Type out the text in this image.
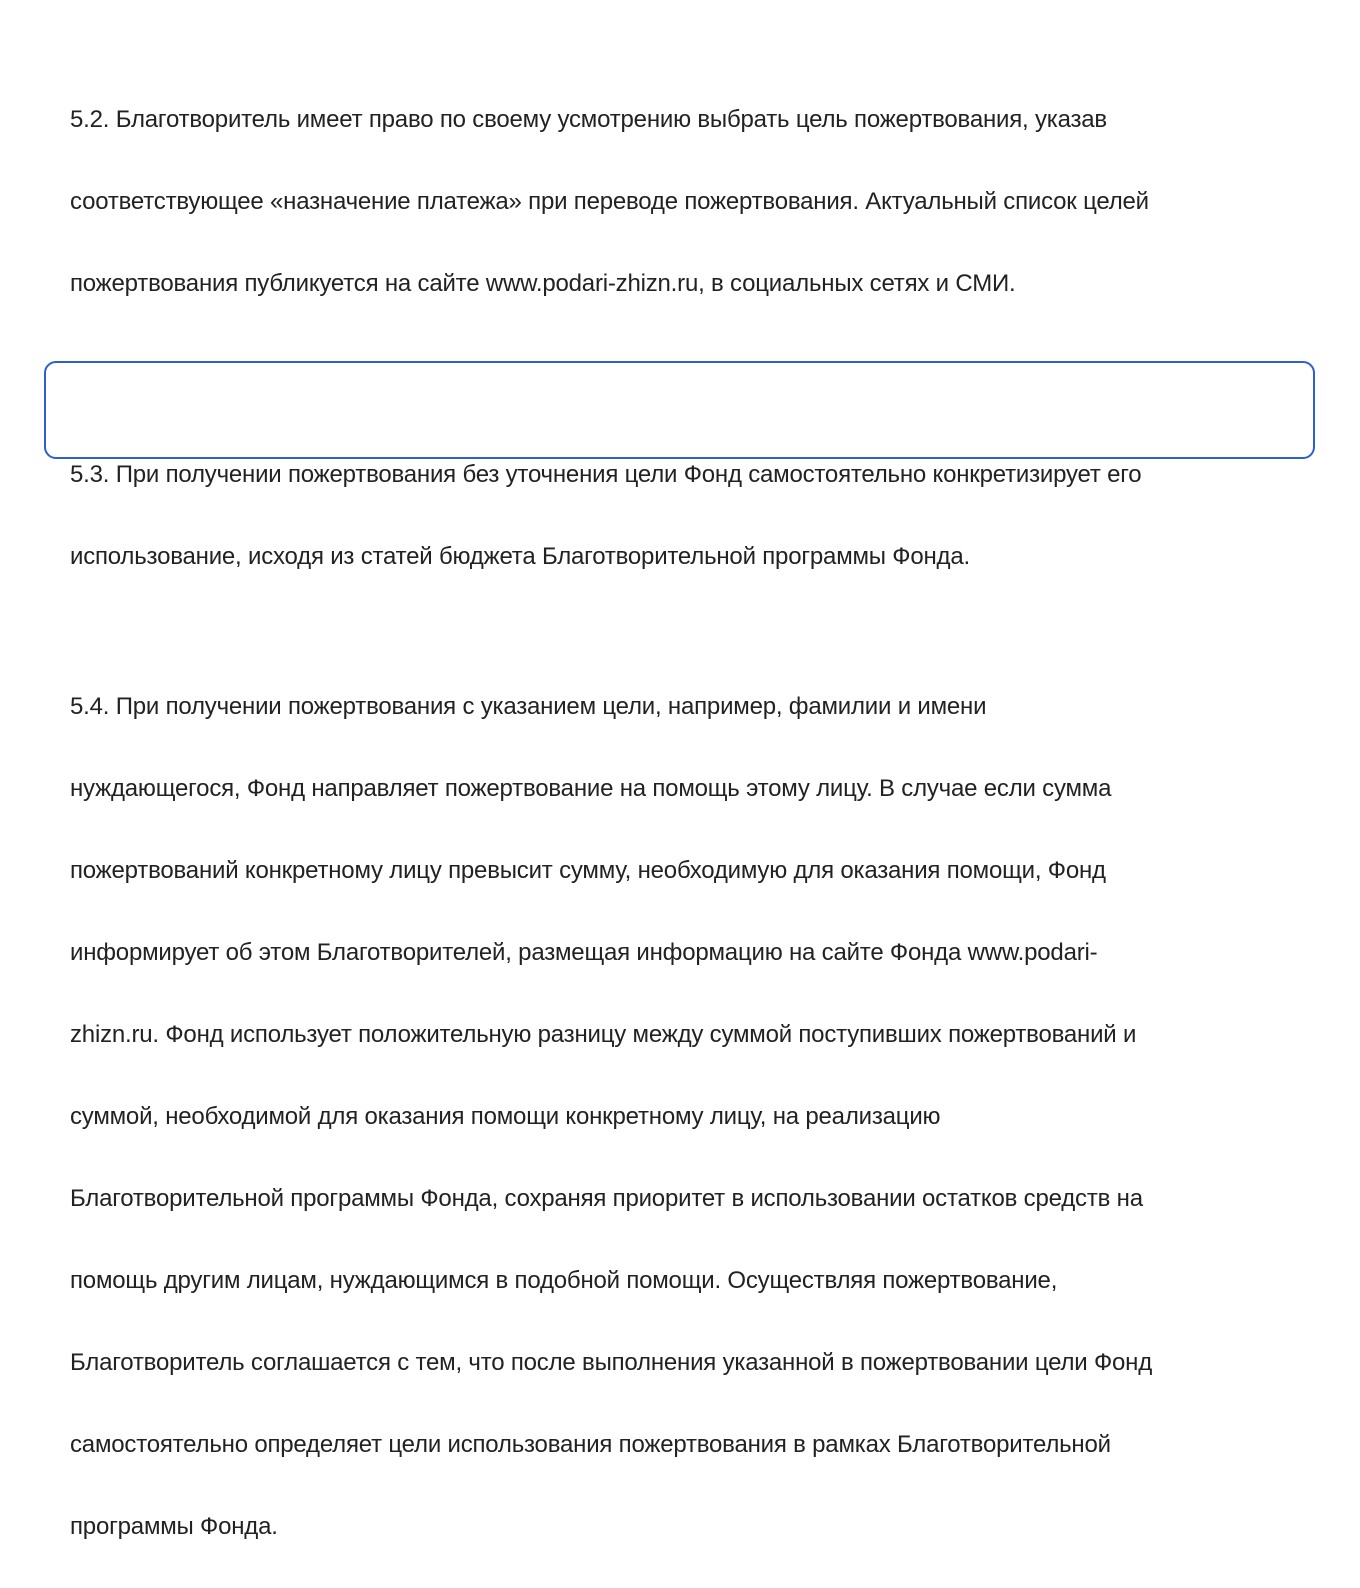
5.2. Благотворитель имеет право по своему усмотрению выбрать цель пожертвования, указав

соответствующее «назначение платежа» при переводе пожертвования. Актуальный список целей

пожертвования публикуется на сайте www.podari-zhizn.ru, в социальных сетях и СМИ.

5.3. При получении пожертвования без уточнения цели Фонд самостоятельно конкретизирует его

использование, исходя из статей бюджета Благотворительной программы Фонда.

5.4. При получении пожертвования с указанием цели, например, фамилии и имени

нуждающегося, Фонд направляет пожертвование на помощь этому лицу. В случае если сумма

пожертвований конкретному лицу превысит сумму, необходимую для оказания помощи, Фонд

информирует об этом Благотворителей, размещая информацию на сайте Фонда www.podari-

zhizn.ru. Фонд использует положительную разницу между суммой поступивших пожертвований и

суммой, необходимой для оказания помощи конкретному лицу, на реализацию

Благотворительной программы Фонда, сохраняя приоритет в использовании остатков средств на

помощь другим лицам, нуждающимся в подобной помощи. Осуществляя пожертвование,

Благотворитель соглашается с тем, что после выполнения указанной в пожертвовании цели Фонд

самостоятельно определяет цели использования пожертвования в рамках Благотворительной

программы Фонда.
